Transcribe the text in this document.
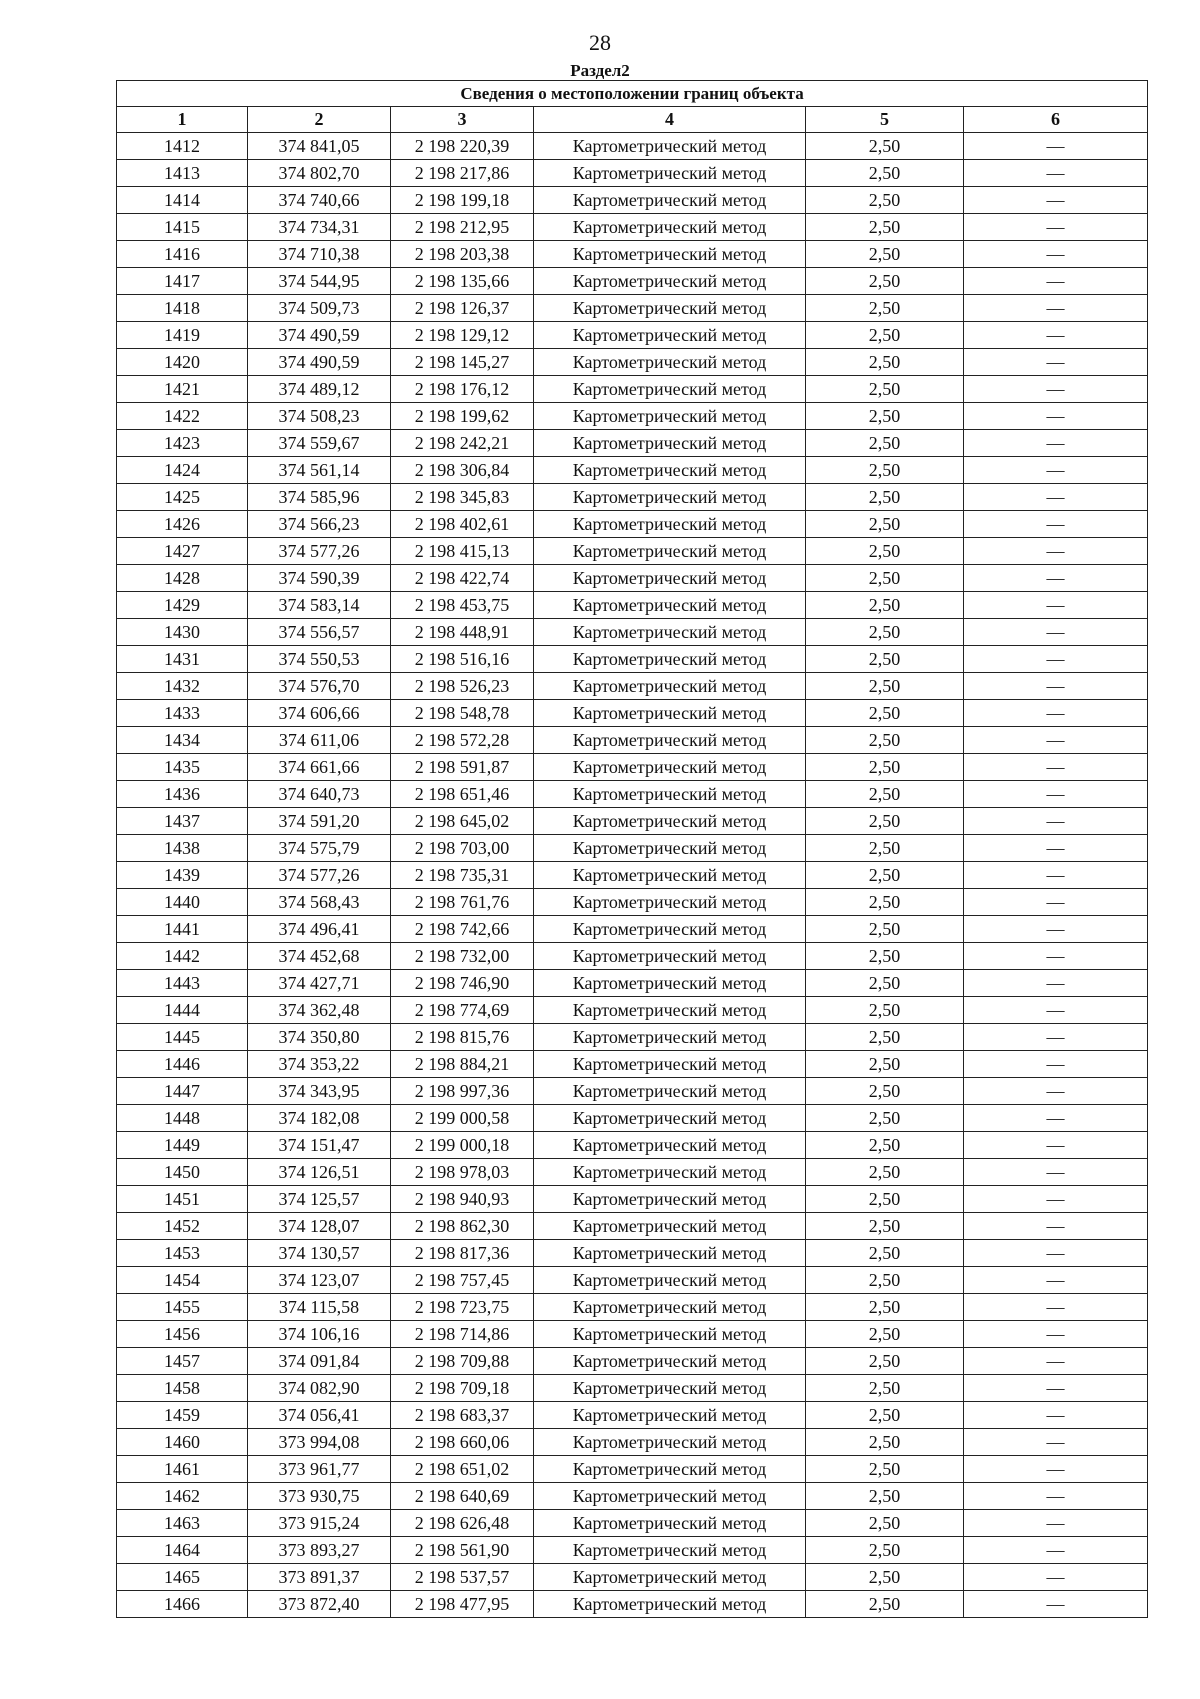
28
Раздел2
Сведения о местоположении границ объекта					
1	2	3	4	5	6
1412	374 841,05	2 198 220,39	Картометрический метод	2,50	—
1413	374 802,70	2 198 217,86	Картометрический метод	2,50	—
1414	374 740,66	2 198 199,18	Картометрический метод	2,50	—
1415	374 734,31	2 198 212,95	Картометрический метод	2,50	—
1416	374 710,38	2 198 203,38	Картометрический метод	2,50	—
1417	374 544,95	2 198 135,66	Картометрический метод	2,50	—
1418	374 509,73	2 198 126,37	Картометрический метод	2,50	—
1419	374 490,59	2 198 129,12	Картометрический метод	2,50	—
1420	374 490,59	2 198 145,27	Картометрический метод	2,50	—
1421	374 489,12	2 198 176,12	Картометрический метод	2,50	—
1422	374 508,23	2 198 199,62	Картометрический метод	2,50	—
1423	374 559,67	2 198 242,21	Картометрический метод	2,50	—
1424	374 561,14	2 198 306,84	Картометрический метод	2,50	—
1425	374 585,96	2 198 345,83	Картометрический метод	2,50	—
1426	374 566,23	2 198 402,61	Картометрический метод	2,50	—
1427	374 577,26	2 198 415,13	Картометрический метод	2,50	—
1428	374 590,39	2 198 422,74	Картометрический метод	2,50	—
1429	374 583,14	2 198 453,75	Картометрический метод	2,50	—
1430	374 556,57	2 198 448,91	Картометрический метод	2,50	—
1431	374 550,53	2 198 516,16	Картометрический метод	2,50	—
1432	374 576,70	2 198 526,23	Картометрический метод	2,50	—
1433	374 606,66	2 198 548,78	Картометрический метод	2,50	—
1434	374 611,06	2 198 572,28	Картометрический метод	2,50	—
1435	374 661,66	2 198 591,87	Картометрический метод	2,50	—
1436	374 640,73	2 198 651,46	Картометрический метод	2,50	—
1437	374 591,20	2 198 645,02	Картометрический метод	2,50	—
1438	374 575,79	2 198 703,00	Картометрический метод	2,50	—
1439	374 577,26	2 198 735,31	Картометрический метод	2,50	—
1440	374 568,43	2 198 761,76	Картометрический метод	2,50	—
1441	374 496,41	2 198 742,66	Картометрический метод	2,50	—
1442	374 452,68	2 198 732,00	Картометрический метод	2,50	—
1443	374 427,71	2 198 746,90	Картометрический метод	2,50	—
1444	374 362,48	2 198 774,69	Картометрический метод	2,50	—
1445	374 350,80	2 198 815,76	Картометрический метод	2,50	—
1446	374 353,22	2 198 884,21	Картометрический метод	2,50	—
1447	374 343,95	2 198 997,36	Картометрический метод	2,50	—
1448	374 182,08	2 199 000,58	Картометрический метод	2,50	—
1449	374 151,47	2 199 000,18	Картометрический метод	2,50	—
1450	374 126,51	2 198 978,03	Картометрический метод	2,50	—
1451	374 125,57	2 198 940,93	Картометрический метод	2,50	—
1452	374 128,07	2 198 862,30	Картометрический метод	2,50	—
1453	374 130,57	2 198 817,36	Картометрический метод	2,50	—
1454	374 123,07	2 198 757,45	Картометрический метод	2,50	—
1455	374 115,58	2 198 723,75	Картометрический метод	2,50	—
1456	374 106,16	2 198 714,86	Картометрический метод	2,50	—
1457	374 091,84	2 198 709,88	Картометрический метод	2,50	—
1458	374 082,90	2 198 709,18	Картометрический метод	2,50	—
1459	374 056,41	2 198 683,37	Картометрический метод	2,50	—
1460	373 994,08	2 198 660,06	Картометрический метод	2,50	—
1461	373 961,77	2 198 651,02	Картометрический метод	2,50	—
1462	373 930,75	2 198 640,69	Картометрический метод	2,50	—
1463	373 915,24	2 198 626,48	Картометрический метод	2,50	—
1464	373 893,27	2 198 561,90	Картометрический метод	2,50	—
1465	373 891,37	2 198 537,57	Картометрический метод	2,50	—
1466	373 872,40	2 198 477,95	Картометрический метод	2,50	—
